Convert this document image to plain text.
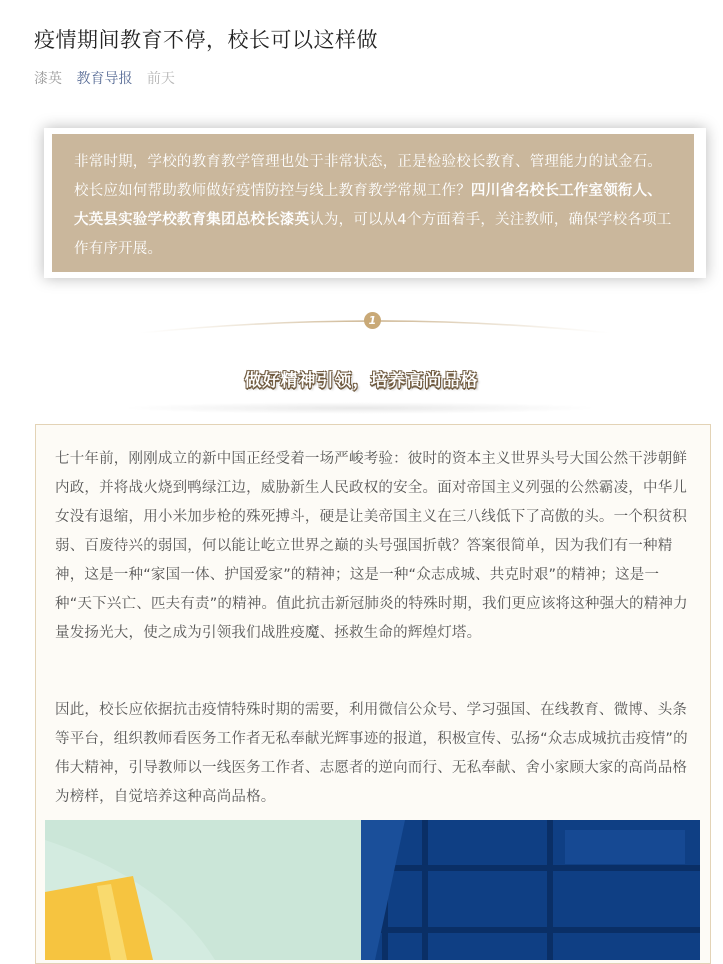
疫情期间教育不停，校长可以这样做
漆英 教育导报 前天
非常时期，学校的教育教学管理也处于非常状态，正是检验校长教育、管理能力的试金石。校长应如何帮助教师做好疫情防控与线上教育教学常规工作？四川省名校长工作室领衔人、大英县实验学校教育集团总校长漆英认为，可以从4个方面着手，关注教师，确保学校各项工作有序开展。
1
做好精神引领，培养高尚品格
七十年前，刚刚成立的新中国正经受着一场严峻考验：彼时的资本主义世界头号大国公然干涉朝鲜内政，并将战火烧到鸭绿江边，威胁新生人民政权的安全。面对帝国主义列强的公然霸凌，中华儿女没有退缩，用小米加步枪的殊死搏斗，硬是让美帝国主义在三八线低下了高傲的头。一个积贫积弱、百废待兴的弱国，何以能让屹立世界之巅的头号强国折戟？答案很简单，因为我们有一种精神，这是一种“家国一体、护国爱家”的精神；这是一种“众志成城、共克时艰”的精神；这是一种“天下兴亡、匹夫有责”的精神。值此抗击新冠肺炎的特殊时期，我们更应该将这种强大的精神力量发扬光大，使之成为引领我们战胜疫魔、拯救生命的辉煌灯塔。
因此，校长应依据抗击疫情特殊时期的需要，利用微信公众号、学习强国、在线教育、微博、头条等平台，组织教师看医务工作者无私奉献光辉事迹的报道，积极宣传、弘扬“众志成城抗击疫情”的伟大精神，引导教师以一线医务工作者、志愿者的逆向而行、无私奉献、舍小家顾大家的高尚品格为榜样，自觉培养这种高尚品格。
